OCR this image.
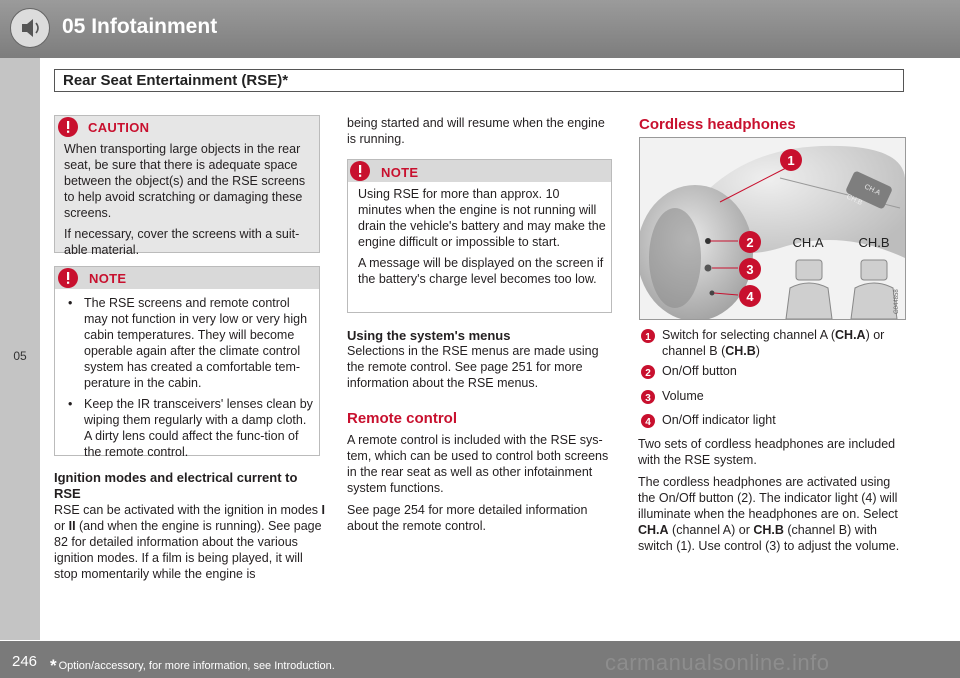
05 Infotainment
Rear Seat Entertainment (RSE)*
05
CAUTION
When transporting large objects in the rear seat, be sure that there is adequate space between the object(s) and the RSE screens to help avoid scratching or damaging these screens.
If necessary, cover the screens with a suit-able material.
NOTE
• The RSE screens and remote control may not function in very low or very high cabin temperatures. They will become operable again after the climate control system has created a comfortable tem-perature in the cabin.
• Keep the IR transceivers' lenses clean by wiping them regularly with a damp cloth. A dirty lens could affect the func-tion of the remote control.
Ignition modes and electrical current to RSE
RSE can be activated with the ignition in modes I or II (and when the engine is running). See page 82 for detailed information about the various ignition modes. If a film is being played, it will stop momentarily while the engine is
being started and will resume when the engine is running.
NOTE
Using RSE for more than approx. 10 minutes when the engine is not running will drain the vehicle's battery and may make the engine difficult or impossible to start.
A message will be displayed on the screen if the battery's charge level becomes too low.
Using the system's menus
Selections in the RSE menus are made using the remote control. See page 251 for more information about the RSE menus.
Remote control
A remote control is included with the RSE sys-tem, which can be used to control both screens in the rear seat as well as other infotainment system functions.
See page 254 for more detailed information about the remote control.
Cordless headphones
CH.A
CH.B
1
2
3
4
CH.A	CH.B
G044858
1 Switch for selecting channel A (CH.A) or channel B (CH.B)
2 On/Off button
3 Volume
4 On/Off indicator light
Two sets of cordless headphones are included with the RSE system.
The cordless headphones are activated using the On/Off button (2). The indicator light (4) will illuminate when the headphones are on. Select CH.A (channel A) or CH.B (channel B) with switch (1). Use control (3) to adjust the volume.
246 * Option/accessory, for more information, see Introduction.	carmanualsonline.info
